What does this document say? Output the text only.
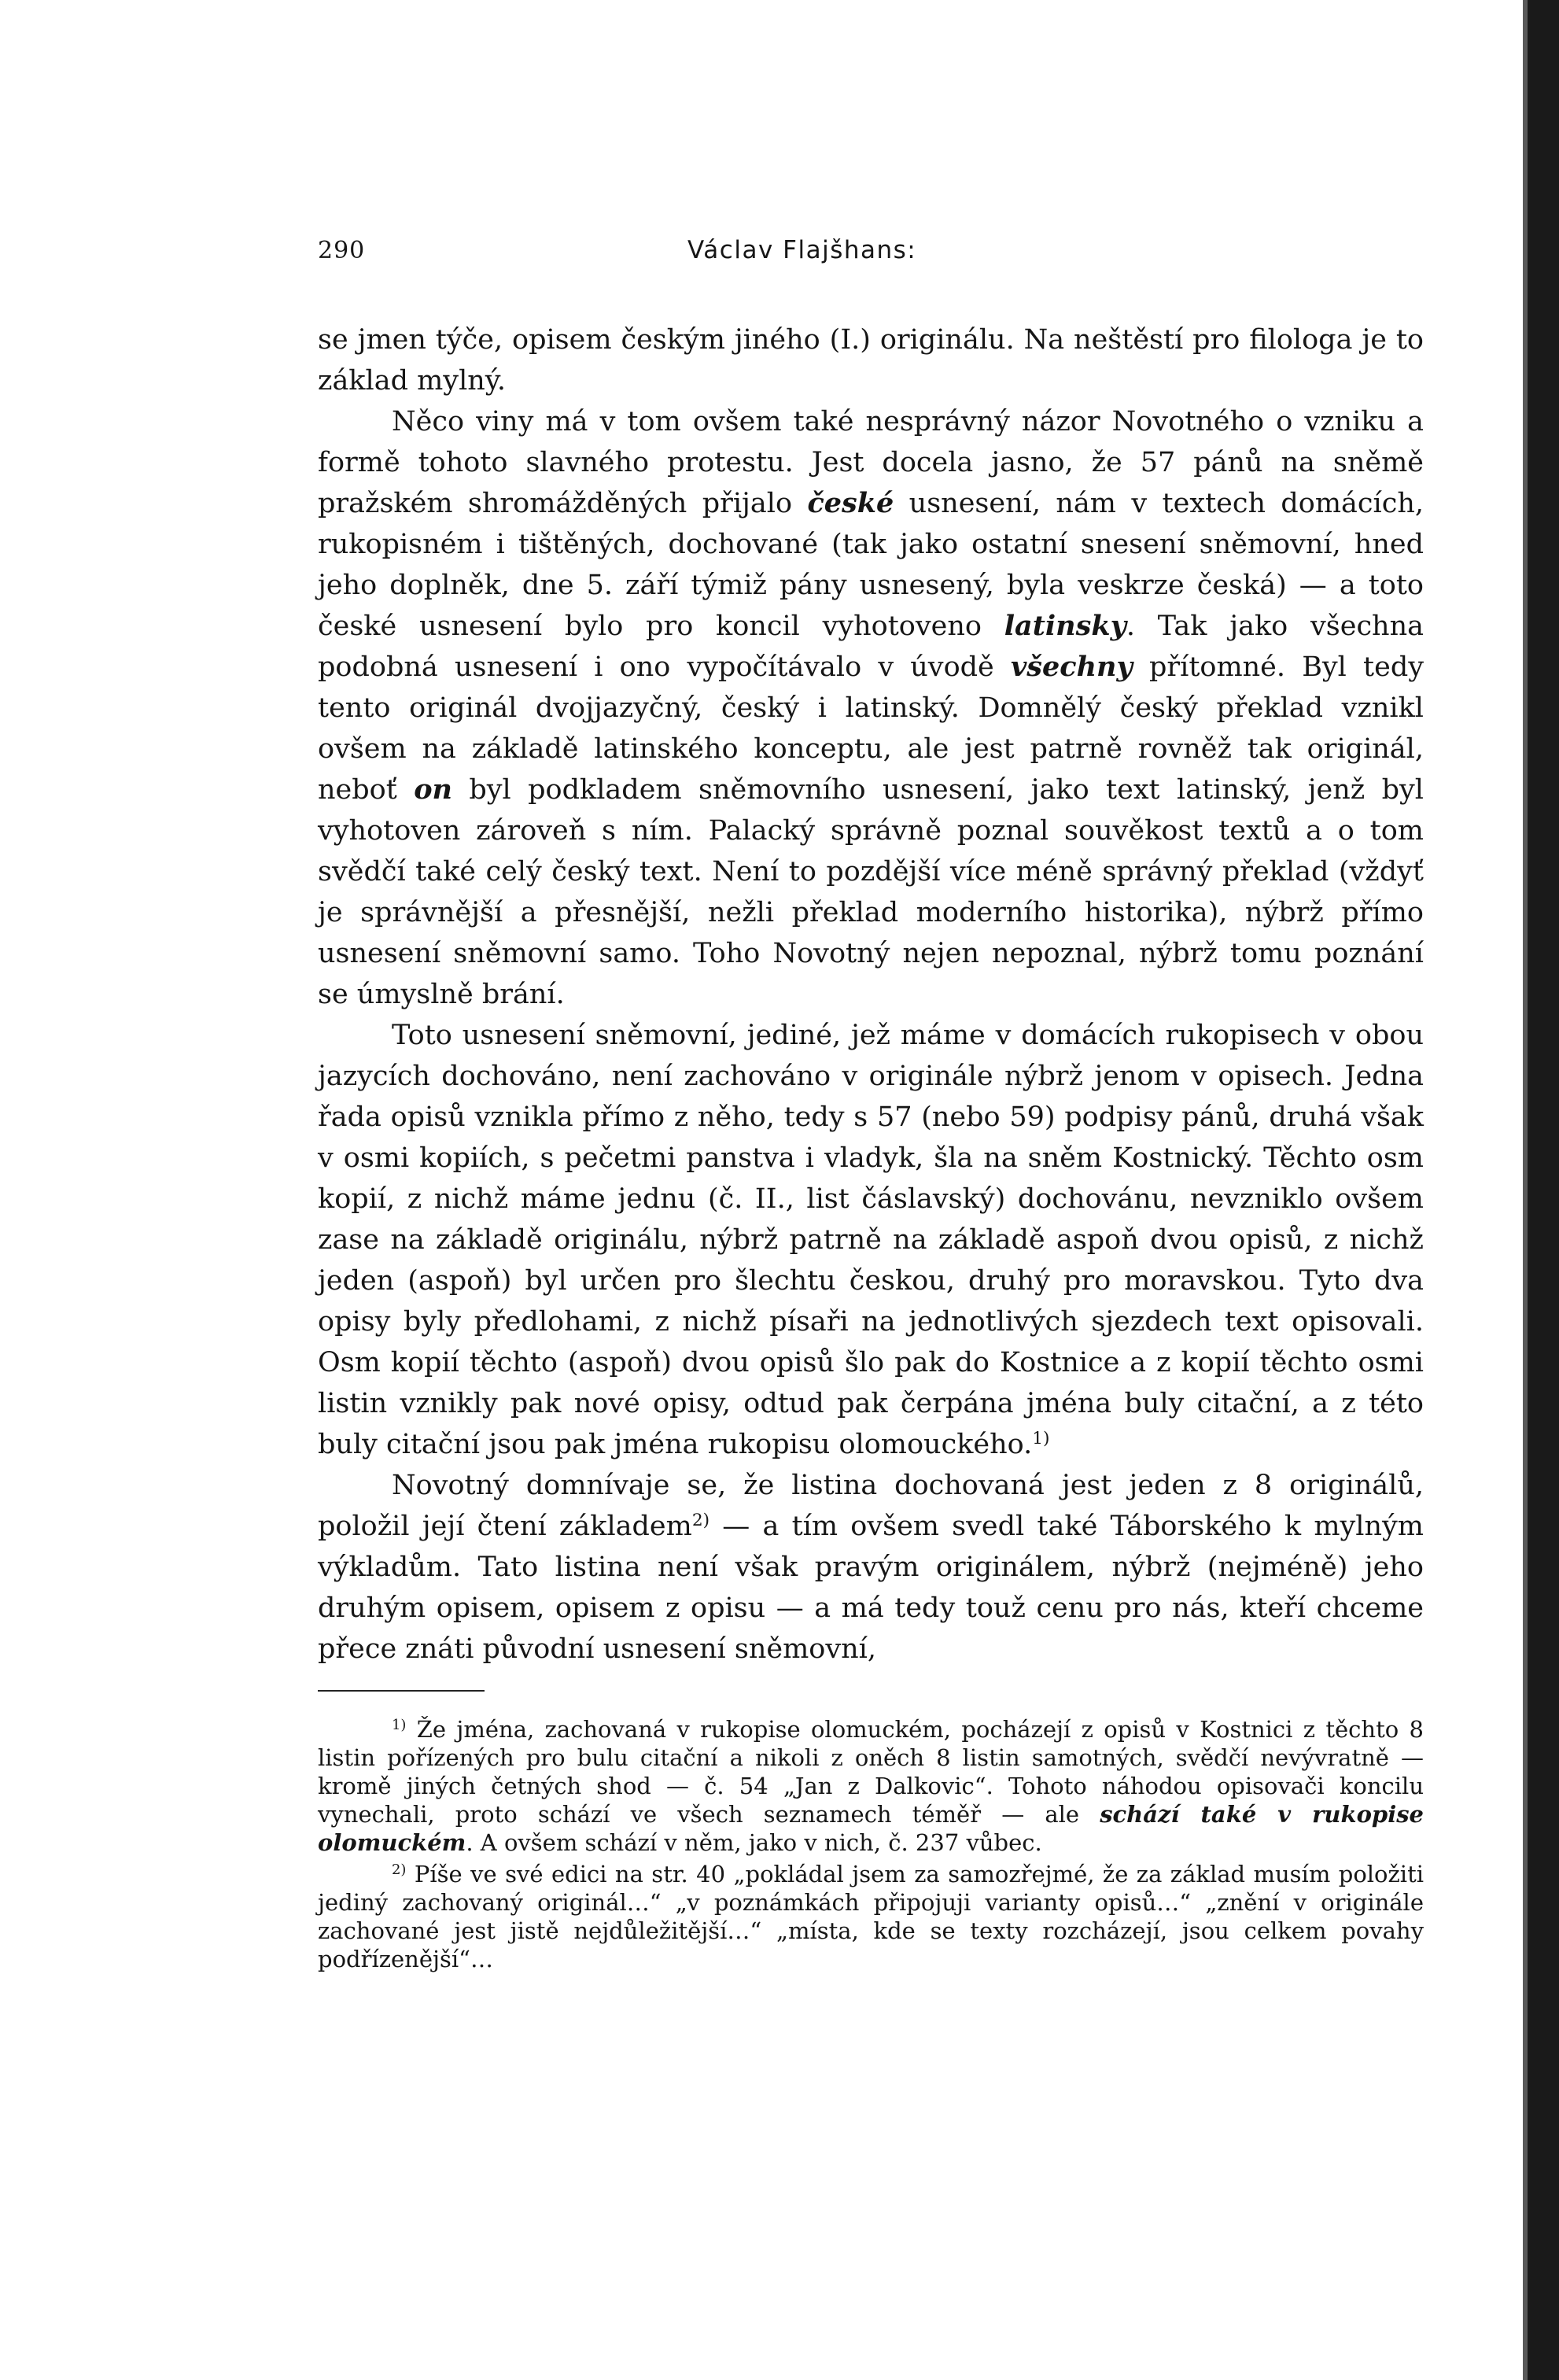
290	Václav Flajšhans:

se jmen týče, opisem českým jiného (I.) originálu. Na neštěstí pro filologa je to základ mylný.

Něco viny má v tom ovšem také nesprávný názor Novotného o vzniku a formě tohoto slavného protestu. Jest docela jasno, že 57 pánů na sněmě pražském shromážděných přijalo české usnesení, nám v textech domácích, rukopisném i tištěných, dochované (tak jako ostatní snesení sněmovní, hned jeho doplněk, dne 5. září týmiž pány usnesený, byla veskrze česká) — a toto české usnesení bylo pro koncil vyhotoveno latinsky. Tak jako všechna podobná usnesení i ono vypočítávalo v úvodě všechny přítomné. Byl tedy tento originál dvojjazyčný, český i latinský. Domnělý český překlad vznikl ovšem na základě latinského konceptu, ale jest patrně rovněž tak originál, neboť on byl podkladem sněmovního usnesení, jako text latinský, jenž byl vyhotoven zároveň s ním. Palacký správně poznal souvěkost textů a o tom svědčí také celý český text. Není to pozdější více méně správný překlad (vždyť je správnější a přesnější, nežli překlad moderního historika), nýbrž přímo usnesení sněmovní samo. Toho Novotný nejen nepoznal, nýbrž tomu poznání se úmyslně brání.

Toto usnesení sněmovní, jediné, jež máme v domácích rukopisech v obou jazycích dochováno, není zachováno v originále nýbrž jenom v opisech. Jedna řada opisů vznikla přímo z něho, tedy s 57 (nebo 59) podpisy pánů, druhá však v osmi kopiích, s pečetmi panstva i vladyk, šla na sněm Kostnický. Těchto osm kopií, z nichž máme jednu (č. II., list čáslavský) dochovánu, nevzniklo ovšem zase na základě originálu, nýbrž patrně na základě aspoň dvou opisů, z nichž jeden (aspoň) byl určen pro šlechtu českou, druhý pro moravskou. Tyto dva opisy byly předlohami, z nichž písaři na jednotlivých sjezdech text opisovali. Osm kopií těchto (aspoň) dvou opisů šlo pak do Kostnice a z kopií těchto osmi listin vznikly pak nové opisy, odtud pak čerpána jména buly citační, a z této buly citační jsou pak jména rukopisu olomouckého.$^{1)}$

Novotný domnívaje se, že listina dochovaná jest jeden z 8 originálů, položil její čtení základem$^{2)}$ — a tím ovšem svedl také Táborského k mylným výkladům. Tato listina není však pravým originálem, nýbrž (nejméně) jeho druhým opisem, opisem z opisu — a má tedy touž cenu pro nás, kteří chceme přece znáti původní usnesení sněmovní,

$^{1)}$ Že jména, zachovaná v rukopise olomuckém, pocházejí z opisů v Kostnici z těchto 8 listin pořízených pro bulu citační a nikoli z oněch 8 listin samotných, svědčí nevývratně — kromě jiných četných shod — č. 54 „Jan z Dalkovic“. Tohoto náhodou opisovači koncilu vynechali, proto schází ve všech seznamech téměř — ale schází také v rukopise olomuckém. A ovšem schází v něm, jako v nich, č. 237 vůbec.

$^{2)}$ Píše ve své edici na str. 40 „pokládal jsem za samozřejmé, že za základ musím položiti jediný zachovaný originál…“ „v poznámkách připojuji varianty opisů…“ „znění v originále zachované jest jistě nejdůležitější…“ „místa, kde se texty rozcházejí, jsou celkem povahy podřízenější“…
